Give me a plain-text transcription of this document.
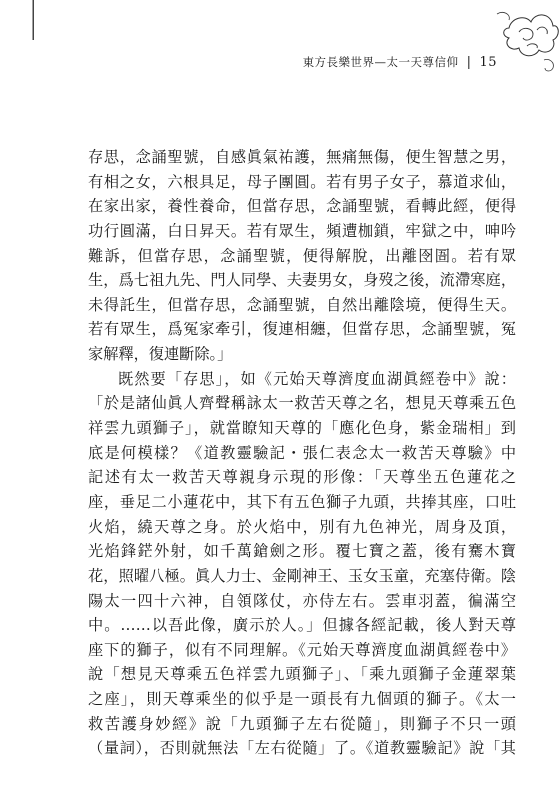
東方長樂世界—太一天尊信仰 | 15
存思，念誦聖號，自感眞氣祐護，無痛無傷，便生智慧之男，
有相之女，六根具足，母子團圓。若有男子女子，慕道求仙，
在家出家，養性養命，但當存思，念誦聖號，看轉此經，便得
功行圓滿，白日昇天。若有眾生，頻遭枷鎖，牢獄之中，呻吟
難訴，但當存思，念誦聖號，便得解脫，出離囹圄。若有眾
生，爲七祖九先、門人同學、夫妻男女，身歿之後，流滯寒庭，
未得託生，但當存思，念誦聖號，自然出離陰境，便得生天。
若有眾生，爲冤家牽引，復連相纏，但當存思，念誦聖號，冤
家解釋，復連斷除。」
既然要「存思」，如《元始天尊濟度血湖眞經卷中》說：
「於是諸仙眞人齊聲稱詠太一救苦天尊之名，想見天尊乘五色
祥雲九頭獅子」，就當瞭知天尊的「應化色身，紫金瑞相」到
底是何模樣？《道教靈驗記・張仁表念太一救苦天尊驗》中
記述有太一救苦天尊親身示現的形像：「天尊坐五色蓮花之
座，垂足二小蓮花中，其下有五色獅子九頭，共捧其座，口吐
火焰，繞天尊之身。於火焰中，別有九色神光，周身及頂，
光焰鋒鋩外射，如千萬鎗劍之形。覆七寶之蓋，後有騫木寶
花，照曜八極。眞人力士、金剛神王、玉女玉童，充塞侍衛。陰
陽太一四十六神，自領隊仗，亦侍左右。雲車羽蓋，徧滿空
中。……以吾此像，廣示於人。」但據各經記載，後人對天尊
座下的獅子，似有不同理解。《元始天尊濟度血湖眞經卷中》
說「想見天尊乘五色祥雲九頭獅子」、「乘九頭獅子金蓮翠葉
之座」，則天尊乘坐的似乎是一頭長有九個頭的獅子。《太一
救苦護身妙經》說「九頭獅子左右從隨」，則獅子不只一頭
（量詞），否則就無法「左右從隨」了。《道教靈驗記》說「其
